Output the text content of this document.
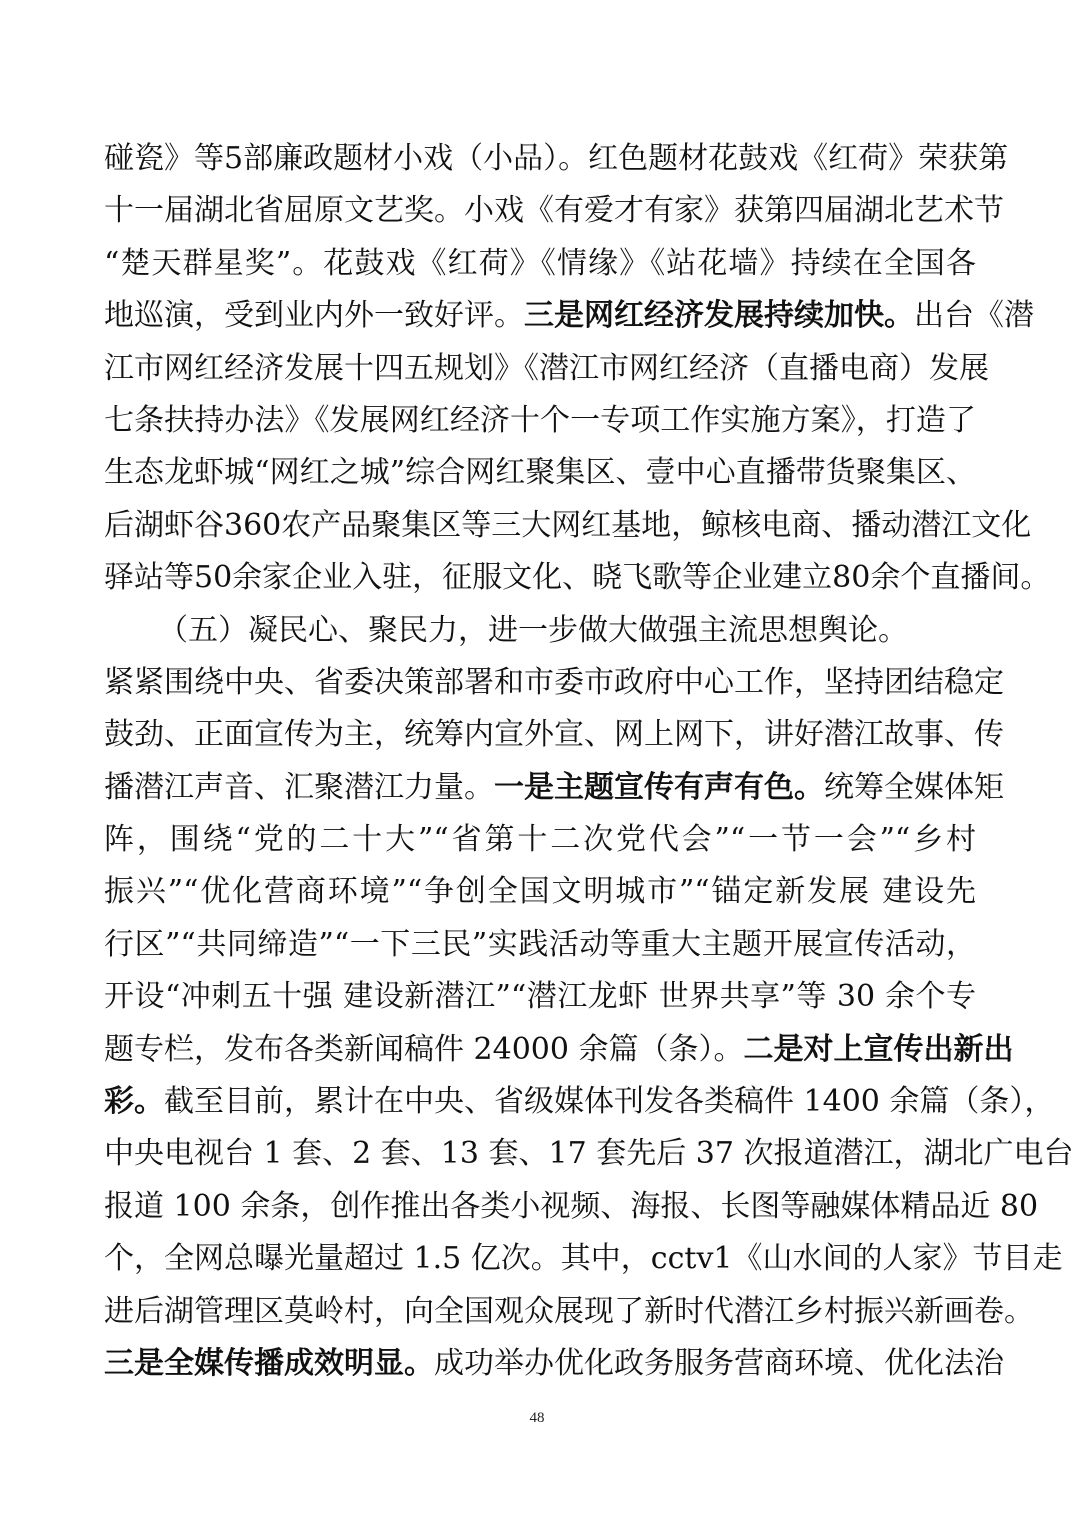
碰瓷》等5部廉政题材小戏（小品）。红色题材花鼓戏《红荷》荣获第
十一届湖北省屈原文艺奖。小戏《有爱才有家》获第四届湖北艺术节
“楚天群星奖”。花鼓戏《红荷》《情缘》《站花墙》持续在全国各
地巡演，受到业内外一致好评。三是网红经济发展持续加快。出台《潜
江市网红经济发展十四五规划》《潜江市网红经济（直播电商）发展
七条扶持办法》《发展网红经济十个一专项工作实施方案》，打造了
生态龙虾城“网红之城”综合网红聚集区、壹中心直播带货聚集区、
后湖虾谷360农产品聚集区等三大网红基地，鲸核电商、播动潜江文化
驿站等50余家企业入驻，征服文化、晓飞歌等企业建立80余个直播间。
（五）凝民心、聚民力，进一步做大做强主流思想舆论。
紧紧围绕中央、省委决策部署和市委市政府中心工作，坚持团结稳定
鼓劲、正面宣传为主，统筹内宣外宣、网上网下，讲好潜江故事、传
播潜江声音、汇聚潜江力量。一是主题宣传有声有色。统筹全媒体矩
阵，围绕“党的二十大”“省第十二次党代会”“一节一会”“乡村
振兴”“优化营商环境”“争创全国文明城市”“锚定新发展 建设先
行区”“共同缔造”“一下三民”实践活动等重大主题开展宣传活动，
开设“冲刺五十强 建设新潜江”“潜江龙虾 世界共享”等 30 余个专
题专栏，发布各类新闻稿件 24000 余篇（条）。二是对上宣传出新出
彩。截至目前，累计在中央、省级媒体刊发各类稿件 1400 余篇（条），
中央电视台 1 套、2 套、13 套、17 套先后 37 次报道潜江，湖北广电台
报道 100 余条，创作推出各类小视频、海报、长图等融媒体精品近 80
个，全网总曝光量超过 1.5 亿次。其中，cctv1《山水间的人家》节目走
进后湖管理区莫岭村，向全国观众展现了新时代潜江乡村振兴新画卷。
三是全媒传播成效明显。成功举办优化政务服务营商环境、优化法治
48
